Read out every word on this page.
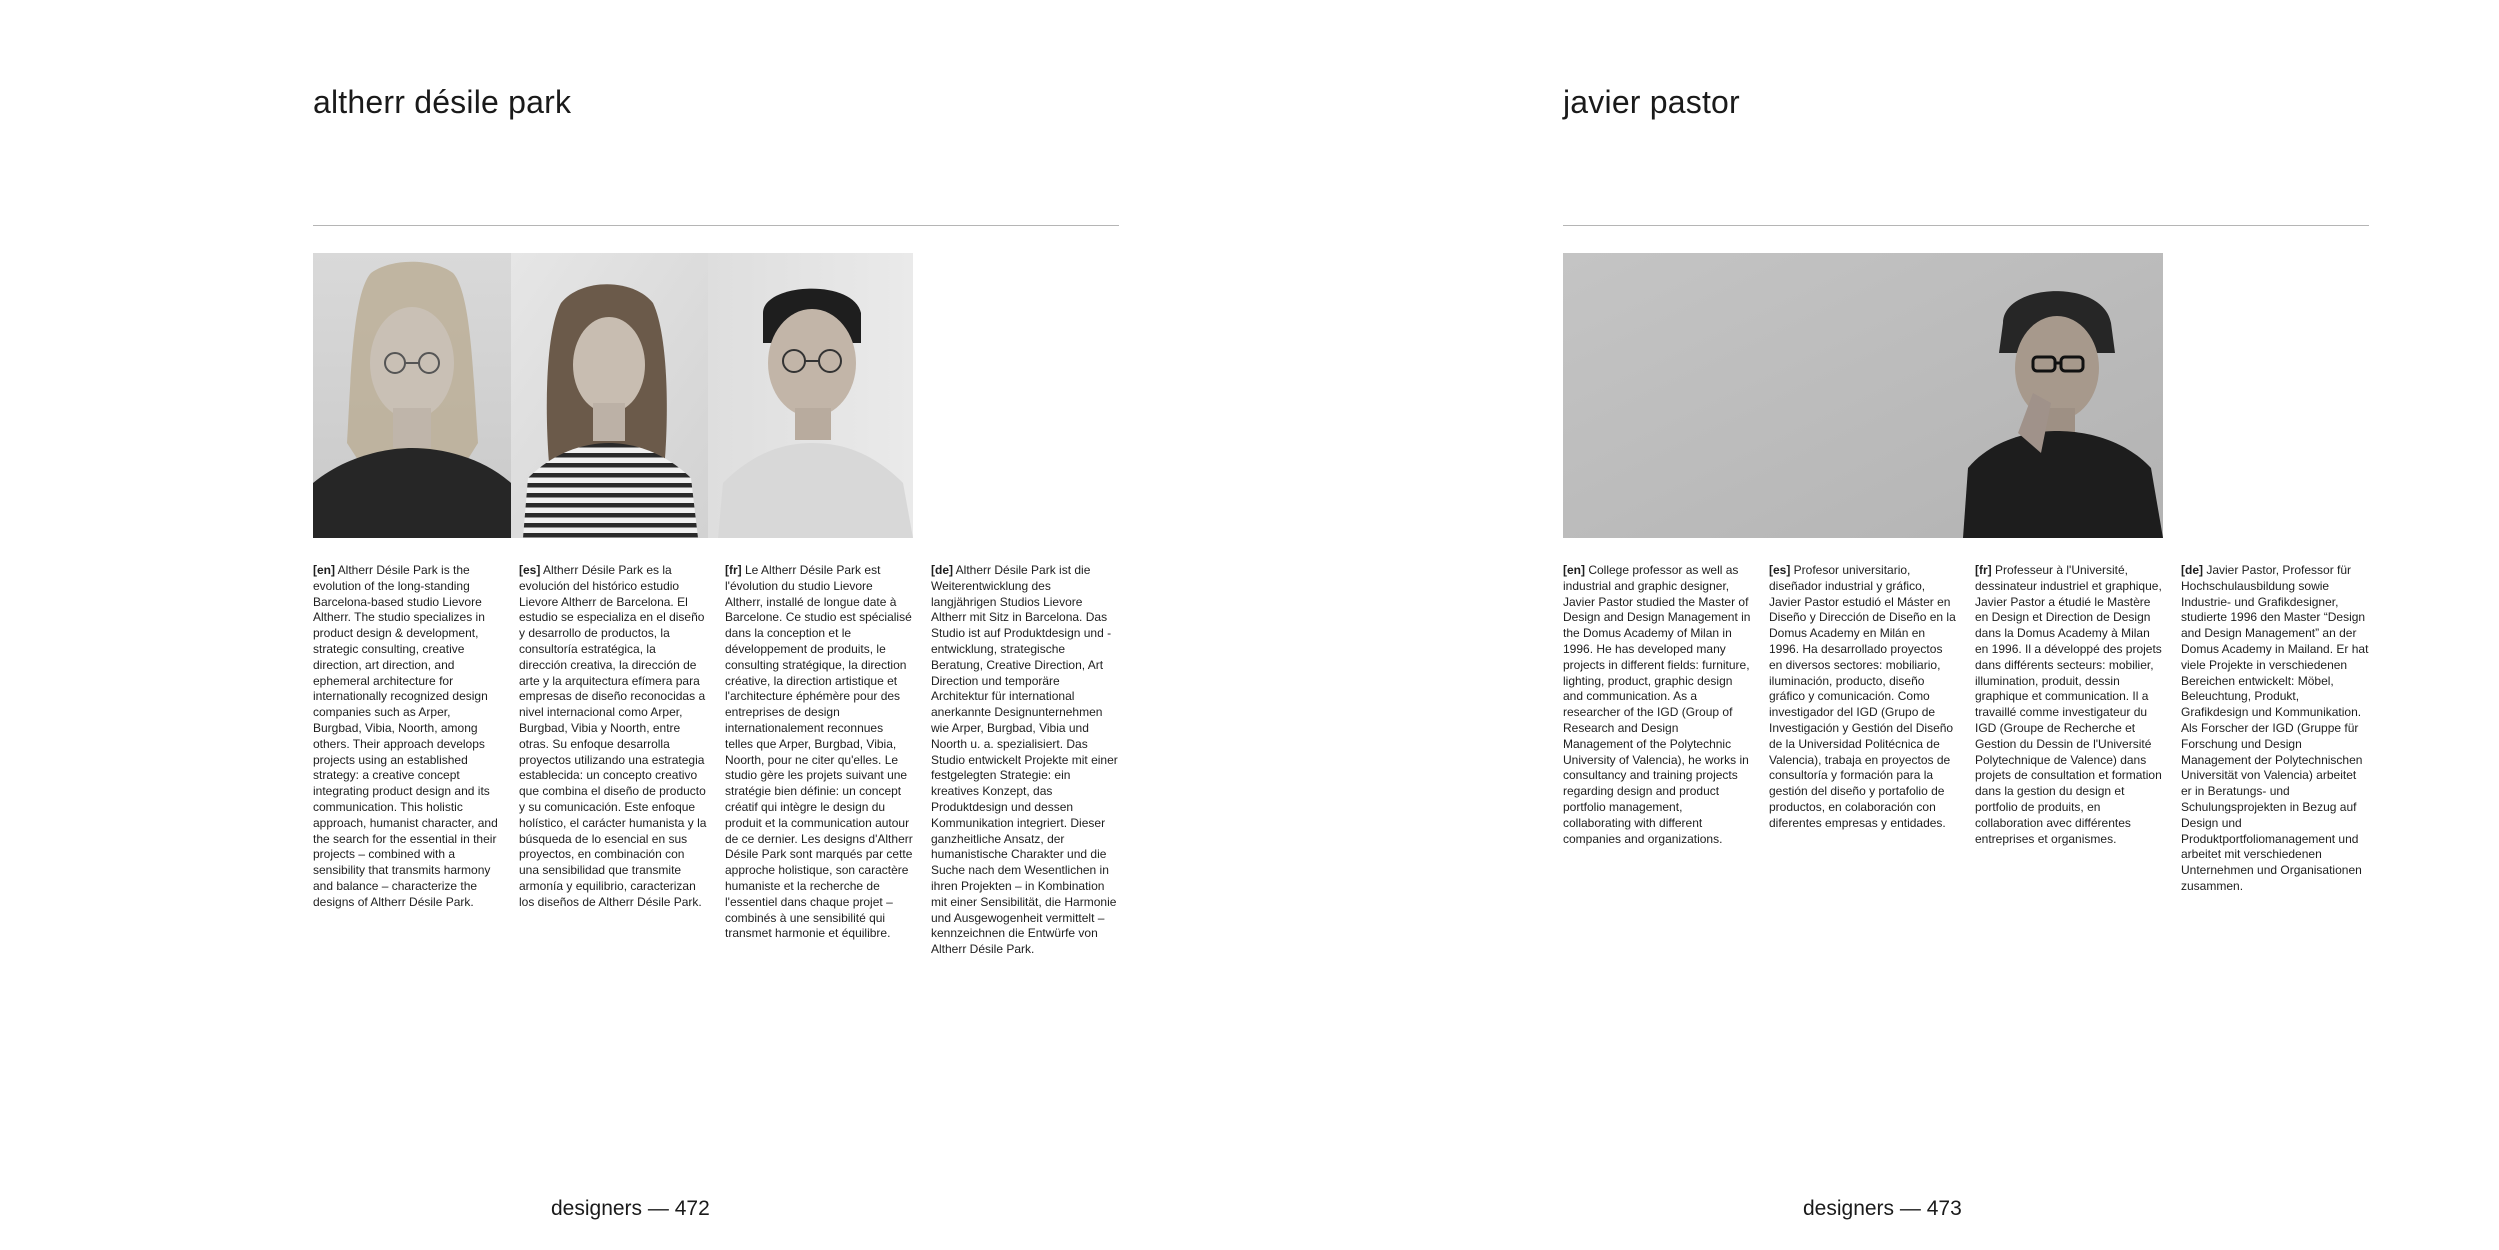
altherr désile park
[en] Altherr Désile Park is the evolution of the long-standing Barcelona-based studio Lievore Altherr. The studio specializes in product design & development, strategic consulting, creative direction, art direction, and ephemeral architecture for internationally recognized design companies such as Arper, Burgbad, Vibia, Noorth, among others. Their approach develops projects using an established strategy: a creative concept integrating product design and its communication. This holistic approach, humanist character, and the search for the essential in their projects – combined with a sensibility that transmits harmony and balance – characterize the designs of Altherr Désile Park.
[es] Altherr Désile Park es la evolución del histórico estudio Lievore Altherr de Barcelona. El estudio se especializa en el diseño y desarrollo de productos, la consultoría estratégica, la dirección creativa, la dirección de arte y la arquitectura efímera para empresas de diseño reconocidas a nivel internacional como Arper, Burgbad, Vibia y Noorth, entre otras. Su enfoque desarrolla proyectos utilizando una estrategia establecida: un concepto creativo que combina el diseño de producto y su comunicación. Este enfoque holístico, el carácter humanista y la búsqueda de lo esencial en sus proyectos, en combinación con una sensibilidad que transmite armonía y equilibrio, caracterizan los diseños de Altherr Désile Park.
[fr] Le Altherr Désile Park est l'évolution du studio Lievore Altherr, installé de longue date à Barcelone. Ce studio est spécialisé dans la conception et le développement de produits, le consulting stratégique, la direction créative, la direction artistique et l'architecture éphémère pour des entreprises de design internationalement reconnues telles que Arper, Burgbad, Vibia, Noorth, pour ne citer qu'elles. Le studio gère les projets suivant une stratégie bien définie: un concept créatif qui intègre le design du produit et la communication autour de ce dernier. Les designs d'Altherr Désile Park sont marqués par cette approche holistique, son caractère humaniste et la recherche de l'essentiel dans chaque projet – combinés à une sensibilité qui transmet harmonie et équilibre.
[de] Altherr Désile Park ist die Weiterentwicklung des langjährigen Studios Lievore Altherr mit Sitz in Barcelona. Das Studio ist auf Produktdesign und -entwicklung, strategische Beratung, Creative Direction, Art Direction und temporäre Architektur für international anerkannte Designunternehmen wie Arper, Burgbad, Vibia und Noorth u. a. spezialisiert. Das Studio entwickelt Projekte mit einer festgelegten Strategie: ein kreatives Konzept, das Produktdesign und dessen Kommunikation integriert. Dieser ganzheitliche Ansatz, der humanistische Charakter und die Suche nach dem Wesentlichen in ihren Projekten – in Kombination mit einer Sensibilität, die Harmonie und Ausgewogenheit vermittelt – kennzeichnen die Entwürfe von Altherr Désile Park.
designers — 472
javier pastor
[en] College professor as well as industrial and graphic designer, Javier Pastor studied the Master of Design and Design Management in the Domus Academy of Milan in 1996. He has developed many projects in different fields: furniture, lighting, product, graphic design and communication. As a researcher of the IGD (Group of Research and Design Management of the Polytechnic University of Valencia), he works in consultancy and training projects regarding design and product portfolio management, collaborating with different companies and organizations.
[es] Profesor universitario, diseñador industrial y gráfico, Javier Pastor estudió el Máster en Diseño y Dirección de Diseño en la Domus Academy en Milán en 1996. Ha desarrollado proyectos en diversos sectores: mobiliario, iluminación, producto, diseño gráfico y comunicación. Como investigador del IGD (Grupo de Investigación y Gestión del Diseño de la Universidad Politécnica de Valencia), trabaja en proyectos de consultoría y formación para la gestión del diseño y portafolio de productos, en colaboración con diferentes empresas y entidades.
[fr] Professeur à l'Université, dessinateur industriel et graphique, Javier Pastor a étudié le Mastère en Design et Direction de Design dans la Domus Academy à Milan en 1996. Il a développé des projets dans différents secteurs: mobilier, illumination, produit, dessin graphique et communication. Il a travaillé comme investigateur du IGD (Groupe de Recherche et Gestion du Dessin de l'Université Polytechnique de Valence) dans projets de consultation et formation dans la gestion du design et portfolio de produits, en collaboration avec différentes entreprises et organismes.
[de] Javier Pastor, Professor für Hochschulausbildung sowie Industrie- und Grafikdesigner, studierte 1996 den Master “Design and Design Management” an der Domus Academy in Mailand. Er hat viele Projekte in verschiedenen Bereichen entwickelt: Möbel, Beleuchtung, Produkt, Grafikdesign und Kommunikation. Als Forscher der IGD (Gruppe für Forschung und Design Management der Polytechnischen Universität von Valencia) arbeitet er in Beratungs- und Schulungsprojekten in Bezug auf Design und Produktportfoliomanagement und arbeitet mit verschiedenen Unternehmen und Organisationen zusammen.
designers — 473
